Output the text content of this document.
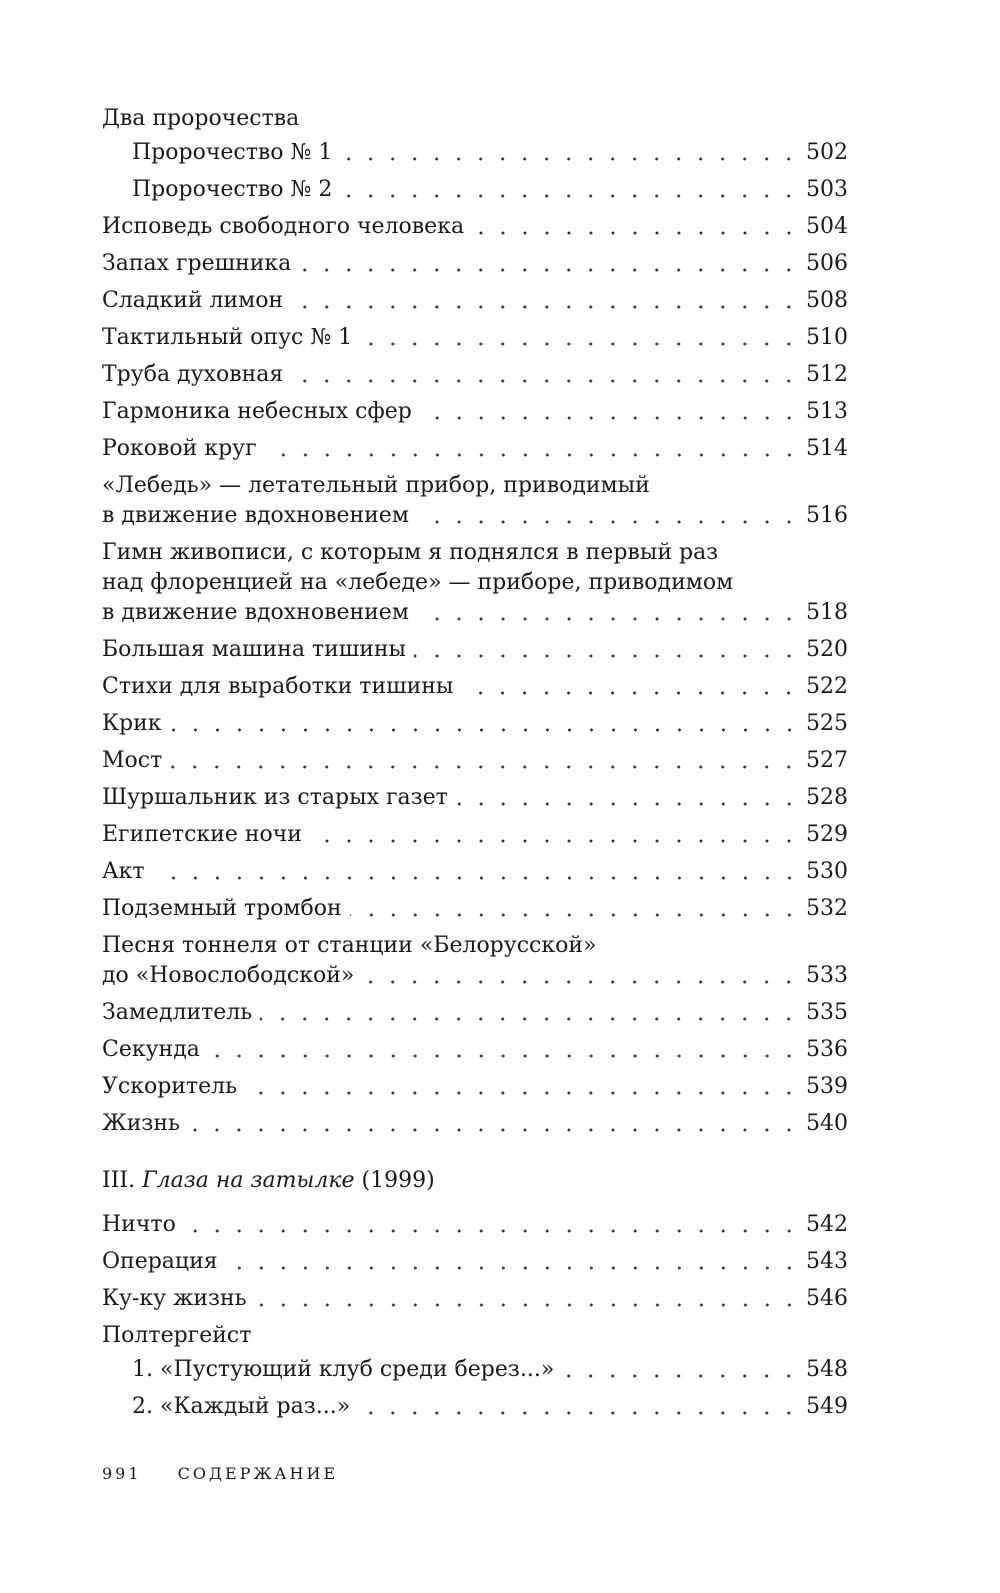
Два пророчества
Пророчество № 1	502
Пророчество № 2	503
Исповедь свободного человека	504
Запах грешника	506
Сладкий лимон	508
Тактильный опус № 1	510
Труба духовная	512
Гармоника небесных сфер	513
Роковой круг	514
«Лебедь» — летательный прибор, приводимый
в движение вдохновением	516
Гимн живописи, с которым я поднялся в первый раз
над флоренцией на «лебеде» — приборе, приводимом
в движение вдохновением	518
Большая машина тишины	520
Стихи для выработки тишины	522
Крик	525
Мост	527
Шуршальник из старых газет	528
Египетские ночи	529
Акт	530
Подземный тромбон	532
Песня тоннеля от станции «Белорусской»
до «Новослободской»	533
Замедлитель	535
Секунда	536
Ускоритель	539
Жизнь	540
III. Глаза на затылке (1999)
Ничто	542
Операция	543
Ку-ку жизнь	546
Полтергейст
1. «Пустующий клуб среди берез...»	548
2. «Каждый раз...»	549
991 СОДЕРЖАНИЕ
